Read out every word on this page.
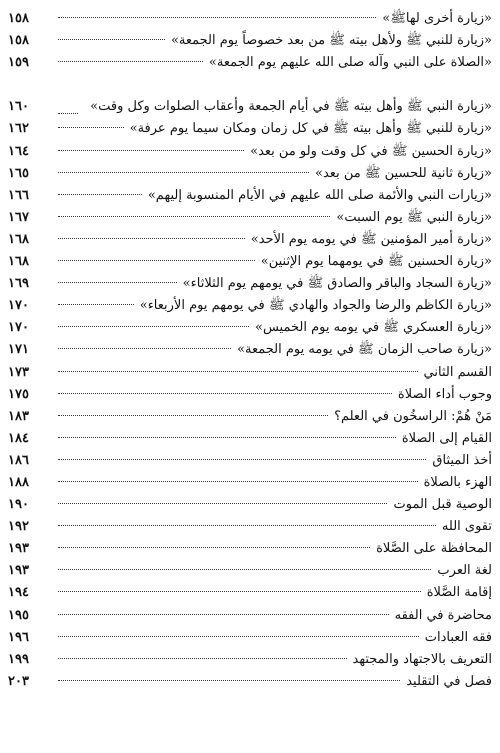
«زيارة أخرى لهاﷺ»
١٥٨
«زيارة للنبي ﷺ ولأهل بيته ﷺ من بعد خصوصاً يوم الجمعة»
١٥٨
«الصلاة على النبي وآله صلى الله عليهم يوم الجمعة»
١٥٩
«زيارة النبي ﷺ وأهل بيته ﷺ في أيام الجمعة وأعقاب الصلوات وكل وقت»
١٦٠
«زيارة للنبي ﷺ وأهل بيته ﷺ في كل زمان ومكان سيما يوم عرفة»
١٦٢
«زيارة الحسين ﷺ في كل وقت ولو من بعد»
١٦٤
«زيارة ثانية للحسين ﷺ من بعد»
١٦٥
«زيارات النبي والأئمة صلى الله عليهم في الأيام المنسوبة إليهم»
١٦٦
«زيارة النبي ﷺ يوم السبت»
١٦٧
«زيارة أمير المؤمنين ﷺ في يومه يوم الأحد»
١٦٨
«زيارة الحسنين ﷺ في يومهما يوم الإثنين»
١٦٨
«زيارة السجاد والباقر والصادق ﷺ في يومهم يوم الثلاثاء»
١٦٩
«زيارة الكاظم والرضا والجواد والهادي ﷺ في يومهم يوم الأربعاء»
١٧٠
«زيارة العسكري ﷺ في يومه يوم الخميس»
١٧٠
«زيارة صاحب الزمان ﷺ في يومه يوم الجمعة»
١٧١
القسم الثاني
١٧٣
وجوب أداء الصلاة
١٧٥
مَنْ هُمْ: الراسخُون في العلم؟
١٨٣
القيام إلى الصلاة
١٨٤
أخذ الميثاق
١٨٦
الهزء بالصلاة
١٨٨
الوصية قبل الموت
١٩٠
تقوى الله
١٩٢
المحافظة على الصَّلاة
١٩٣
لغة العرب
١٩٣
إقامة الصَّلاة
١٩٤
محاضرة في الفقه
١٩٥
فقه العبادات
١٩٦
التعريف بالاجتهاد والمجتهد
١٩٩
فصل في التقليد
٢٠٣
